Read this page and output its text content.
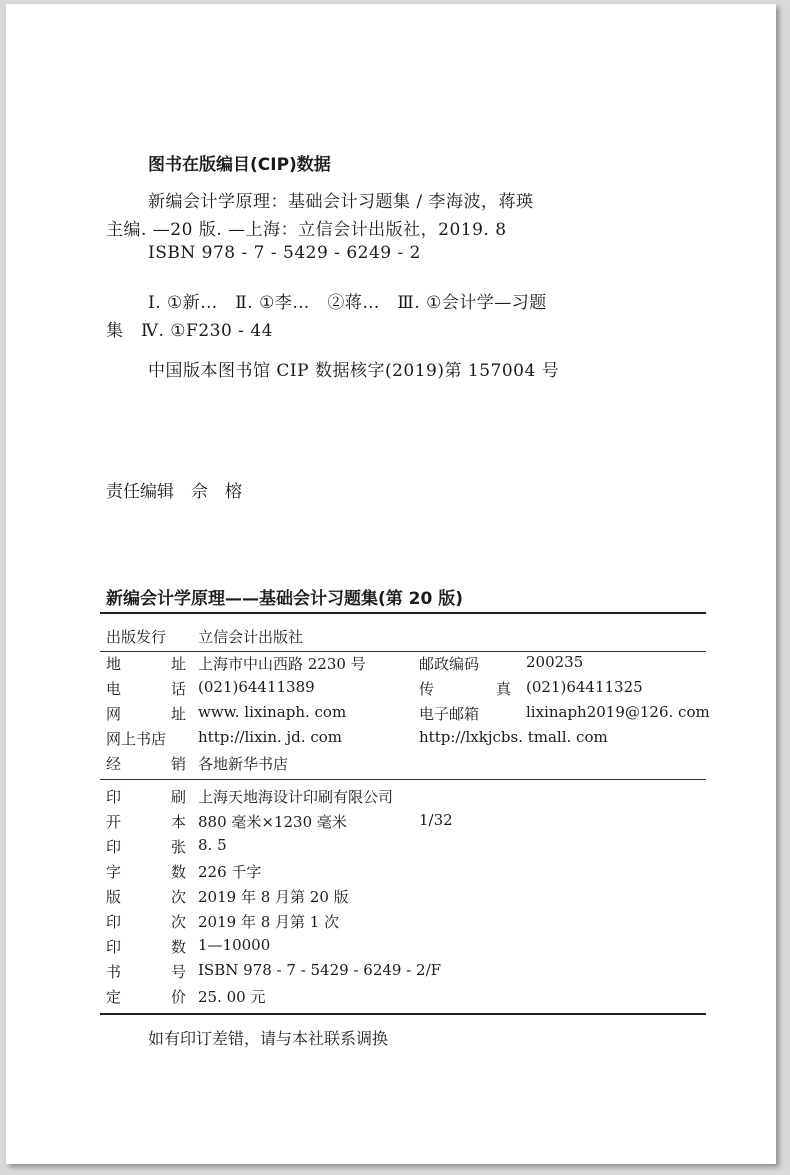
图书在版编目(CIP)数据
新编会计学原理：基础会计习题集 / 李海波，蒋瑛
主编. —20 版. —上海：立信会计出版社，2019. 8
ISBN 978 - 7 - 5429 - 6249 - 2
Ⅰ. ①新…　Ⅱ. ①李…　②蒋…　Ⅲ. ①会计学—习题
集　Ⅳ. ①F230 - 44
中国版本图书馆 CIP 数据核字(2019)第 157004 号
责任编辑　佘　榕
新编会计学原理——基础会计习题集(第 20 版)
出 版 发 行 立信会计出版社
地	址 上海市中山西路 2230 号	邮 政 编 码	200235
电	话 (021)64411389	传	真 (021)64411325
网	址 www. lixinaph. com	电 子 邮 箱	lixinaph2019@126. com
网 上 书 店 http://lixin. jd. com	http://lxkjcbs. tmall. com
经	销 各地新华书店
印	刷 上海天地海设计印刷有限公司
开	本 880 毫米×1230 毫米	1/32
印	张 8. 5
字	数 226 千字
版	次 2019 年 8 月第 20 版
印	次 2019 年 8 月第 1 次
印	数 1—10000
书	号 ISBN 978 - 7 - 5429 - 6249 - 2/F
定	价 25. 00 元
如有印订差错，请与本社联系调换
